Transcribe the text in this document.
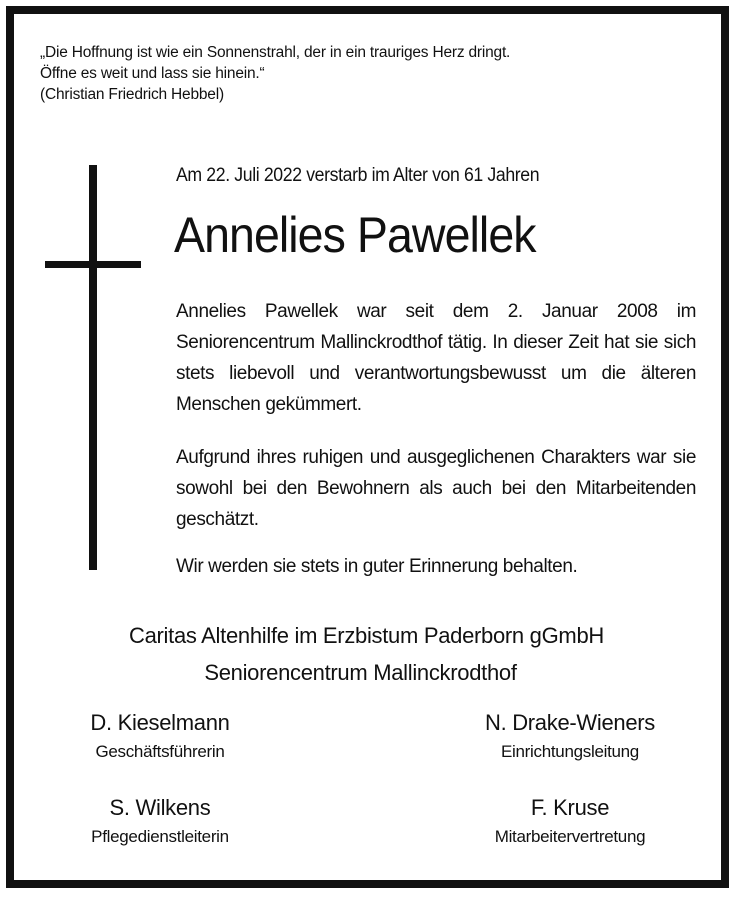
„Die Hoffnung ist wie ein Sonnenstrahl, der in ein trauriges Herz dringt.
Öffne es weit und lass sie hinein.“
(Christian Friedrich Hebbel)
Am 22. Juli 2022 verstarb im Alter von 61 Jahren
Annelies Pawellek
Annelies Pawellek war seit dem 2. Januar 2008 im Seniorencentrum Mallinckrodthof tätig. In dieser Zeit hat sie sich stets liebevoll und verantwortungsbewusst um die älteren Menschen gekümmert.
Aufgrund ihres ruhigen und ausgeglichenen Charakters war sie sowohl bei den Bewohnern als auch bei den Mitarbeitenden geschätzt.
Wir werden sie stets in guter Erinnerung behalten.
Caritas Altenhilfe im Erzbistum Paderborn gGmbH
Seniorencentrum Mallinckrodthof
D. Kieselmann
Geschäftsführerin
N. Drake-Wieners
Einrichtungsleitung
S. Wilkens
Pflegedienstleiterin
F. Kruse
Mitarbeitervertretung
